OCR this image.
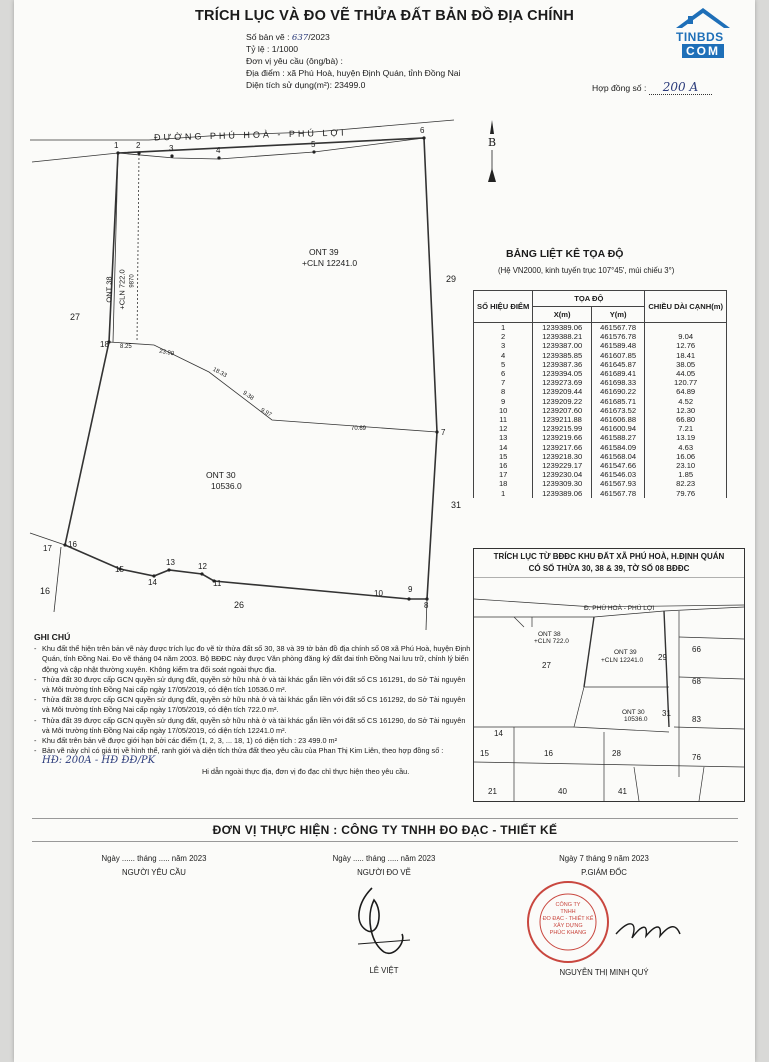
TRÍCH LỤC VÀ ĐO VẼ THỬA ĐẤT BẢN ĐỒ ĐỊA CHÍNH
Số bản vẽ : 637/2023
Tỷ lệ : 1/1000
Đơn vị yêu cầu (ông/bà) :
Địa điểm : xã Phú Hoà, huyện Định Quán, tỉnh Đồng Nai
Diện tích sử dụng(m²): 23499.0	Hợp đồng số : 200 A
TINBDS
COM
ĐƯỜNG PHÚ HOÀ - PHÚ LỢI	B
ONT 39
+CLN 12241.0
ONT 38 +CLN 722.0 9870
ONT 30
10536.0
27
29
31
16
26
1 2	3	4
5
6
7
8
9
10
11
12
13
14
15
16
17
18 8.25
23.99
18.33
9.38
9.97
70.69
BẢNG LIỆT KÊ TỌA ĐỘ
(Hệ VN2000, kinh tuyến trục 107°45', múi chiếu 3°)
SỐ HIỆU ĐIỂM	TỌA ĐỘ		CHIỀU DÀI CẠNH(m)
	X(m)	Y(m)	
1	1239389.06	461567.78	
2	1239388.21	461576.78	9.04
3	1239387.00	461589.48	12.76
4	1239385.85	461607.85	18.41
5	1239387.36	461645.87	38.05
6	1239394.05	461689.41	44.05
7	1239273.69	461698.33	120.77
8	1239209.44	461690.22	64.89
9	1239209.22	461685.71	4.52
10	1239207.60	461673.52	12.30
11	1239211.88	461606.88	66.80
12	1239215.99	461600.94	7.21
13	1239219.66	461588.27	13.19
14	1239217.66	461584.09	4.63
15	1239218.30	461568.04	16.06
16	1239229.17	461547.66	23.10
17	1239230.04	461546.03	1.85
18	1239309.30	461567.93	82.23
1	1239389.06	461567.78	79.76
TRÍCH LỤC TỪ BĐĐC KHU ĐẤT XÃ PHÚ HOÀ, H.ĐỊNH QUÁN
CÓ SỐ THỬA 30, 38 & 39, TỜ SỐ 08 BĐĐC
Đ. PHÚ HOÀ - PHÚ LỢI
ONT 38
+CLN 722.0
ONT 39
+CLN 12241.0
ONT 30
10536.0
27
29
66
68
31
83
15	16	28	76
21	40	41
14
GHI CHÚ
- Khu đất thể hiện trên bản vẽ này được trích lục đo vẽ từ thửa đất số 30, 38 và 39 tờ bản đồ địa chính số 08 xã Phú Hoà, huyện Định Quán, tỉnh Đồng Nai. Đo vẽ tháng 04 năm 2003. Bộ BĐĐC này được Văn phòng đăng ký đất đai tỉnh Đồng Nai lưu trữ, chỉnh lý biến động và cập nhật thường xuyên. Không kiểm tra đối soát ngoài thực địa.
- Thửa đất 30 được cấp GCN quyền sử dụng đất, quyền sở hữu nhà ở và tài khác gắn liền với đất số CS 161291, do Sở Tài nguyên và Môi trường tỉnh Đồng Nai cấp ngày 17/05/2019, có diện tích 10536.0 m².
- Thửa đất 38 được cấp GCN quyền sử dụng đất, quyền sở hữu nhà ở và tài khác gắn liền với đất số CS 161292, do Sở Tài nguyên và Môi trường tỉnh Đồng Nai cấp ngày 17/05/2019, có diện tích 722.0 m².
- Thửa đất 39 được cấp GCN quyền sử dụng đất, quyền sở hữu nhà ở và tài khác gắn liền với đất số CS 161290, do Sở Tài nguyên và Môi trường tỉnh Đồng Nai cấp ngày 17/05/2019, có diện tích 12241.0 m².
- Khu đất trên bản vẽ được giới hạn bởi các điểm (1, 2, 3, ... 18, 1) có diện tích : 23 499.0 m²
- Bản vẽ này chỉ có giá trị về hình thể, ranh giới và diện tích thửa đất theo yêu cầu của Phan Thị Kim Liên, theo hợp đồng số :
HĐ: 200A - HĐ ĐĐ/PK
Hi dẫn ngoài thực địa, đơn vị đo đạc chỉ thực hiện theo yêu cầu.
ĐƠN VỊ THỰC HIỆN : CÔNG TY TNHH ĐO ĐẠC - THIẾT KẾ
Ngày ...... tháng ..... năm 2023
NGƯỜI YÊU CẦU
Ngày ..... tháng ..... năm 2023
NGƯỜI ĐO VẼ
LÊ VIỆT
Ngày 7 tháng 9 năm 2023
P.GIÁM ĐỐC
NGUYỄN THỊ MINH QUÝ
CÔNG TY
TNHH
ĐO ĐẠC - THIẾT KẾ
XÂY DỰNG
PHÚC KHANG
